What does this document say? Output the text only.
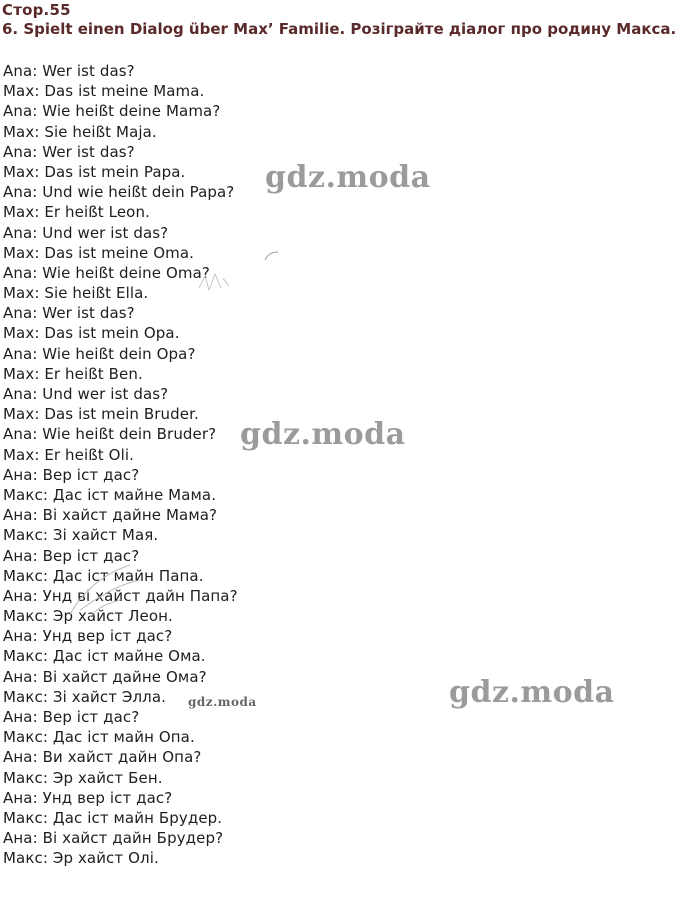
Стор.55
6. Spielt einen Dialog über Max’ Familie. Розіграйте діалог про родину Макса.
Ana : Wer ist das?
Max : Das ist meine Mama.
Ana : Wie heißt deine Mama?
Max : Sie heißt Maja.
Ana : Wer ist das?
Max : Das ist mein Papa.
Ana : Und wie heißt dein Papa?
Max : Er heißt Leon.
Ana : Und wer ist das?
Max : Das ist meine Oma.
Ana : Wie heißt deine Oma?
Max : Sie heißt Ella.
Ana : Wer ist das?
Max : Das ist mein Opa.
Ana : Wie heißt dein Opa?
Max : Er heißt Ben.
Ana : Und wer ist das?
Max : Das ist mein Bruder.
Ana : Wie heißt dein Bruder?
Max : Er heißt Oli.
Ана : Вер іст дас?
Макс : Дас іст майне Мама.
Ана : Ві хайст дайне Мама?
Макс : Зі хайст Мая.
Ана : Вер іст дас?
Макс : Дас іст майн Папа.
Ана : Унд ві хайст дайн Папа?
Макс : Эр хайст Леон.
Ана : Унд вер іст дас?
Макс : Дас іст майне Ома.
Ана : Ві хайст дайне Ома?
Макс : Зі хайст Элла.
Ана : Вер іст дас?
Макс : Дас іст майн Опа.
Ана : Ви хайст дайн Опа?
Макс : Эр хайст Бен.
Ана : Унд вер іст дас?
Макс : Дас іст майн Брудер.
Ана : Ві хайст дайн Брудер?
Макс : Эр хайст Олі.
gdz.moda
gdz.moda
gdz.moda
gdz.moda
